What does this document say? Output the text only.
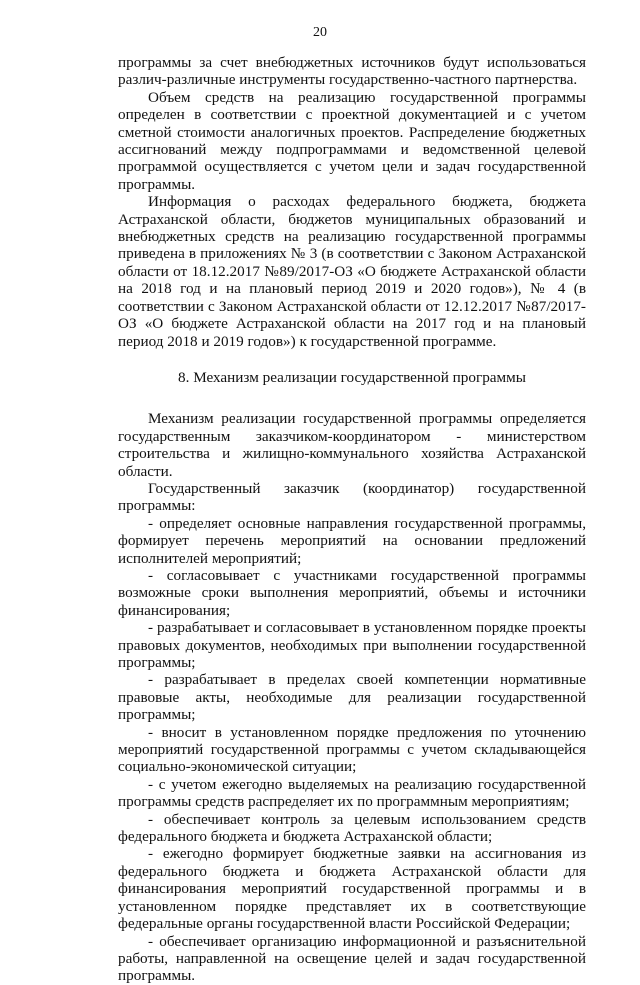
20

программы за счет внебюджетных источников будут использоваться различ-различные инструменты государственно-частного партнерства.

Объем средств на реализацию государственной программы определен в соответствии с проектной документацией и с учетом сметной стоимости аналогичных проектов. Распределение бюджетных ассигнований между подпрограммами и ведомственной целевой программой осуществляется с учетом цели и задач государственной программы.

Информация о расходах федерального бюджета, бюджета Астраханской области, бюджетов муниципальных образований и внебюджетных средств на реализацию государственной программы приведена в приложениях № 3 (в соответствии с Законом Астраханской области от 18.12.2017 №89/2017-ОЗ «О бюджете Астраханской области на 2018 год и на плановый период 2019 и 2020 годов»), № 4 (в соответствии с Законом Астраханской области от 12.12.2017 №87/2017-ОЗ «О бюджете Астраханской области на 2017 год и на плановый период 2018 и 2019 годов») к государственной программе.

8. Механизм реализации государственной программы

Механизм реализации государственной программы определяется государственным заказчиком-координатором - министерством строительства и жилищно-коммунального хозяйства Астраханской области.

Государственный заказчик (координатор) государственной программы:

- определяет основные направления государственной программы, формирует перечень мероприятий на основании предложений исполнителей мероприятий;

- согласовывает с участниками государственной программы возможные сроки выполнения мероприятий, объемы и источники финансирования;

- разрабатывает и согласовывает в установленном порядке проекты правовых документов, необходимых при выполнении государственной программы;

- разрабатывает в пределах своей компетенции нормативные правовые акты, необходимые для реализации государственной программы;

- вносит в установленном порядке предложения по уточнению мероприятий государственной программы с учетом складывающейся социально-экономической ситуации;

- с учетом ежегодно выделяемых на реализацию государственной программы средств распределяет их по программным мероприятиям;

- обеспечивает контроль за целевым использованием средств федерального бюджета и бюджета Астраханской области;

- ежегодно формирует бюджетные заявки на ассигнования из федерального бюджета и бюджета Астраханской области для финансирования мероприятий государственной программы и в установленном порядке представляет их в соответствующие федеральные органы государственной власти Российской Федерации;

- обеспечивает организацию информационной и разъяснительной работы, направленной на освещение целей и задач государственной программы.
